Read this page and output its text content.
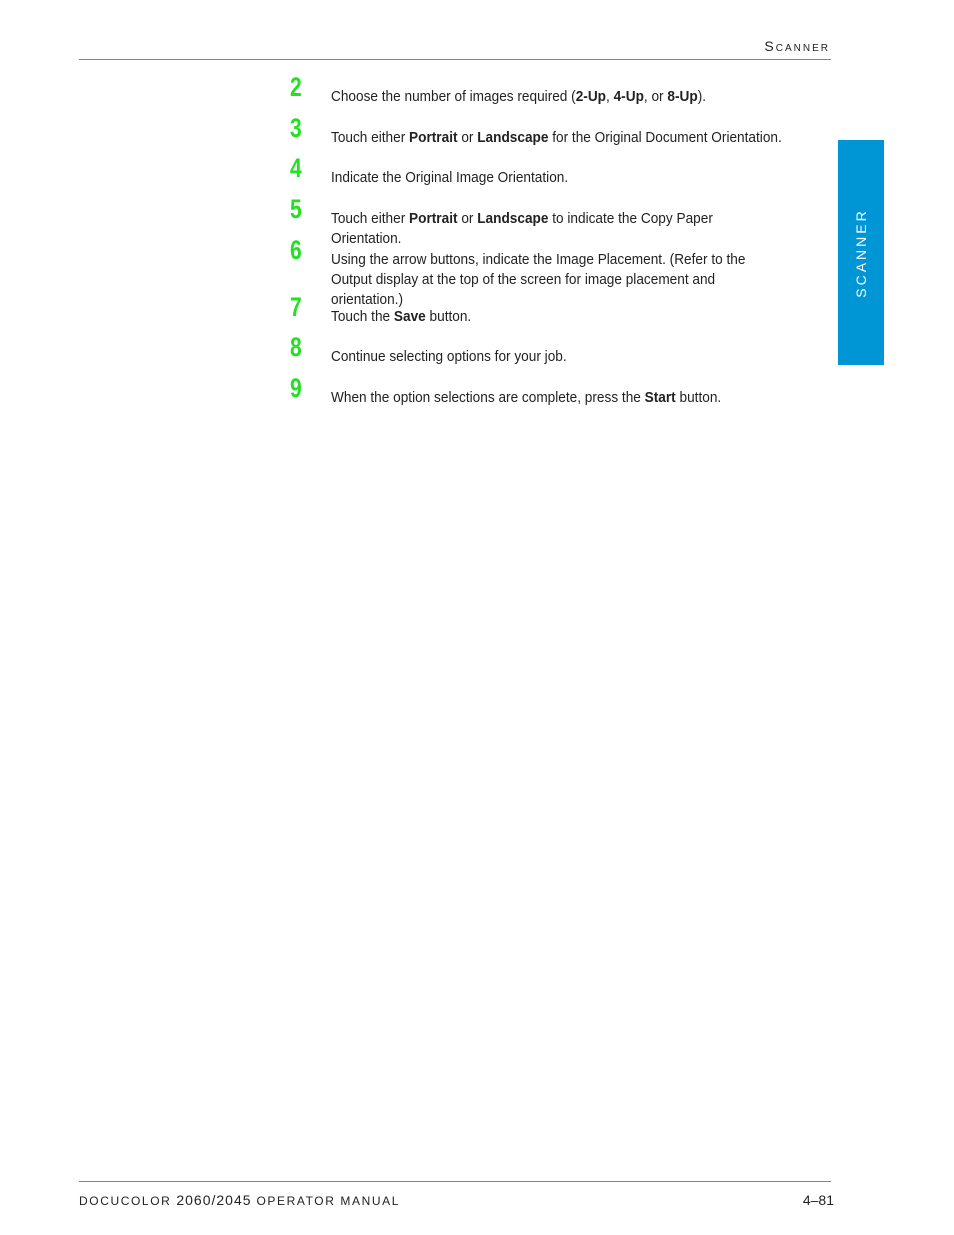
Scanner
SCANNER
2 Choose the number of images required (2-Up, 4-Up, or 8-Up).
3 Touch either Portrait or Landscape for the Original Document Orientation.
4 Indicate the Original Image Orientation.
5 Touch either Portrait or Landscape to indicate the Copy Paper Orientation.
6 Using the arrow buttons, indicate the Image Placement. (Refer to the Output display at the top of the screen for image placement and orientation.)
7 Touch the Save button.
8 Continue selecting options for your job.
9 When the option selections are complete, press the Start button.
DOCUCOLOR 2060/2045 OPERATOR MANUAL	4–81
